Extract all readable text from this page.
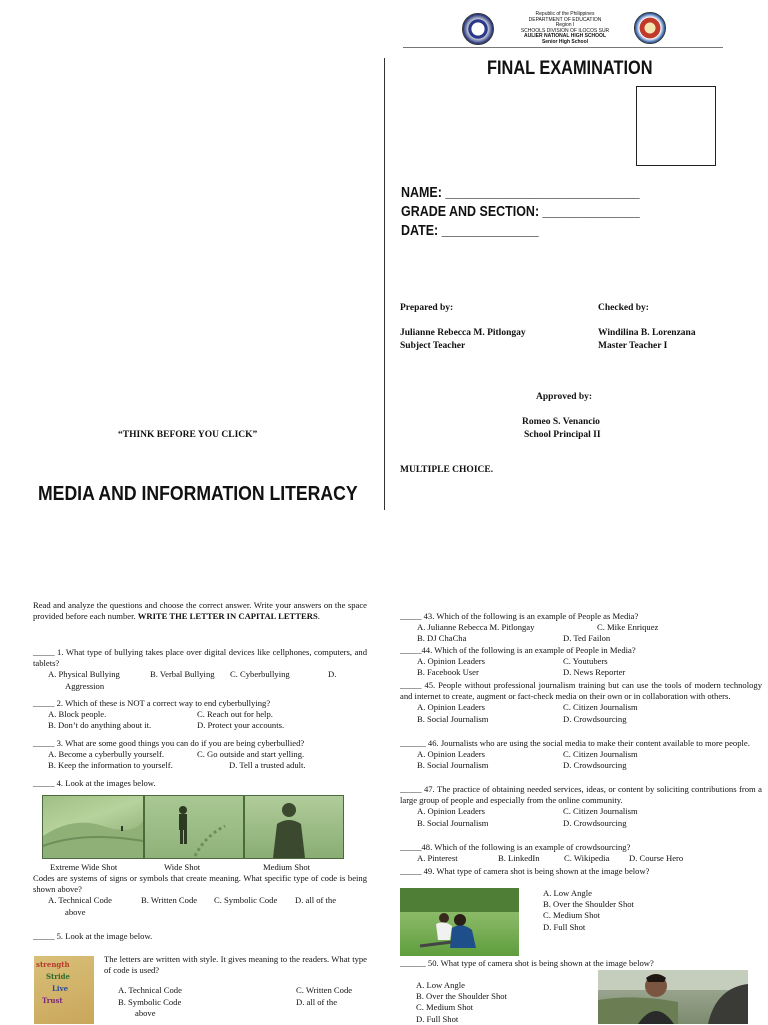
Republic of the Philippines
DEPARTMENT OF EDUCATION
Region I
SCHOOLS DIVISION OF ILOCOS SUR
AULIER NATIONAL HIGH SCHOOL
Senior High School
FINAL EXAMINATION
NAME: ____________________________
GRADE AND SECTION: ______________
DATE: ______________
Prepared by:
Julianne Rebecca M. Pitlongay
Subject Teacher
Checked by:
Windilina B. Lorenzana
Master Teacher I
Approved by:
Romeo S. Venancio
School Principal II
MULTIPLE CHOICE.
“THINK BEFORE YOU CLICK”
MEDIA AND INFORMATION LITERACY
Read and analyze the questions and choose the correct answer. Write your answers on the space provided before each number. WRITE THE LETTER IN CAPITAL LETTERS.
_____ 1. What type of bullying takes place over digital devices like cellphones, computers, and tablets?
A. Physical Bullying	B. Verbal Bullying C. Cyberbullying	D.
Aggression
_____ 2. Which of these is NOT a correct way to end cyberbullying?
A. Block people.	C. Reach out for help.
B. Don’t do anything about it.	D. Protect your accounts.
_____ 3. What are some good things you can do if you are being cyberbullied?
A. Become a cyberbully yourself.	C. Go outside and start yelling.
B. Keep the information to yourself.	D. Tell a trusted adult.
_____ 4. Look at the images below.
Extreme Wide Shot	Wide Shot	Medium Shot
Codes are systems of signs or symbols that create meaning. What specific type of code is being shown above?
A. Technical Code	B. Written Code C. Symbolic Code D. all of the
above
_____ 5. Look at the image below.
strength
Stride
Live
Trust
The letters are written with style. It gives meaning to the readers. What type of code is used?
A. Technical Code	C. Written Code
B. Symbolic Code	D. all of the
above
_____ 43. Which of the following is an example of People as Media?
A. Julianne Rebecca M. Pitlongay	C. Mike Enriquez
B. DJ ChaCha	D. Ted Failon
_____44. Which of the following is an example of People in Media?
A. Opinion Leaders	C. Youtubers
B. Facebook User	D. News Reporter
_____ 45. People without professional journalism training but can use the tools of modern technology and internet to create, augment or fact-check media on their own or in collaboration with others.
A. Opinion Leaders	C. Citizen Journalism
B. Social Journalism	D. Crowdsourcing
______ 46. Journalists who are using the social media to make their content available to more people.
A. Opinion Leaders	C. Citizen Journalism
B. Social Journalism	D. Crowdsourcing
_____ 47. The practice of obtaining needed services, ideas, or content by soliciting contributions from a large group of people and especially from the online community.
A. Opinion Leaders	C. Citizen Journalism
B. Social Journalism	D. Crowdsourcing
_____48. Which of the following is an example of crowdsourcing?
A. Pinterest	B. LinkedIn	C. Wikipedia D. Course Hero
_____ 49. What type of camera shot is being shown at the image below?
A. Low Angle
B. Over the Shoulder Shot
C. Medium Shot
D. Full Shot
______ 50. What type of camera shot is being shown at the image below?
A. Low Angle
B. Over the Shoulder Shot
C. Medium Shot
D. Full Shot
